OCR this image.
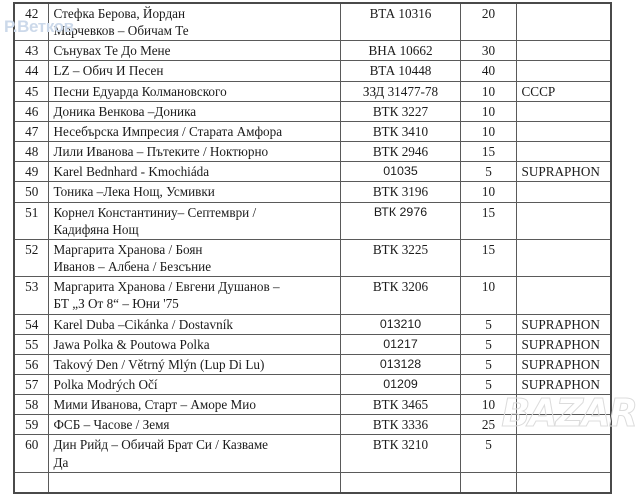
P.Ветков
42	Стефка Берова, Йордан
Марчевков – Обичам Те	ВТА 10316	20	
43	Сънувах Те До Мене	ВНА 10662	30	
44	LZ – Обич И Песен	ВТА 10448	40	
45	Песни Едуарда Колмановского	ЗЗД 31477-78	10	СССР
46	Доника Венкова –Доника	ВТК 3227	10	
47	Несебърска Импресия / Старата Амфора	ВТК 3410	10	
48	Лили Иванова – Пътеките / Ноктюрно	ВТК 2946	15	
49	Karel Bednhard - Kmochiáda	01035	5	SUPRAPHON
50	Тоника –Лека Нощ, Усмивки	ВТК 3196	10	
51	Корнел Константиниу– Септември /
Кадифяна Нощ	ВТК 2976	15	
52	Маргарита Хранова / Боян
Иванов – Албена / Безсъние	ВТК 3225	15	
53	Маргарита Хранова / Евгени Душанов –
БТ „З От 8“ – Юни '75	ВТК 3206	10	
54	Karel Duba –Cikánka / Dostavník	013210	5	SUPRAPHON
55	Jawa Polka & Poutowa Polka	01217	5	SUPRAPHON
56	Takový Den / Větrný Mlýn (Lup Di Lu)	013128	5	SUPRAPHON
57	Polka Modrých Očí	01209	5	SUPRAPHON
58	Мими Иванова, Старт – Аморе Мио	ВТК 3465	10	
59	ФСБ – Часове / Земя	ВТК 3336	25	
60	Дин Рийд – Обичай Брат Си / Казваме
Да	ВТК 3210	5	

BAZAR
